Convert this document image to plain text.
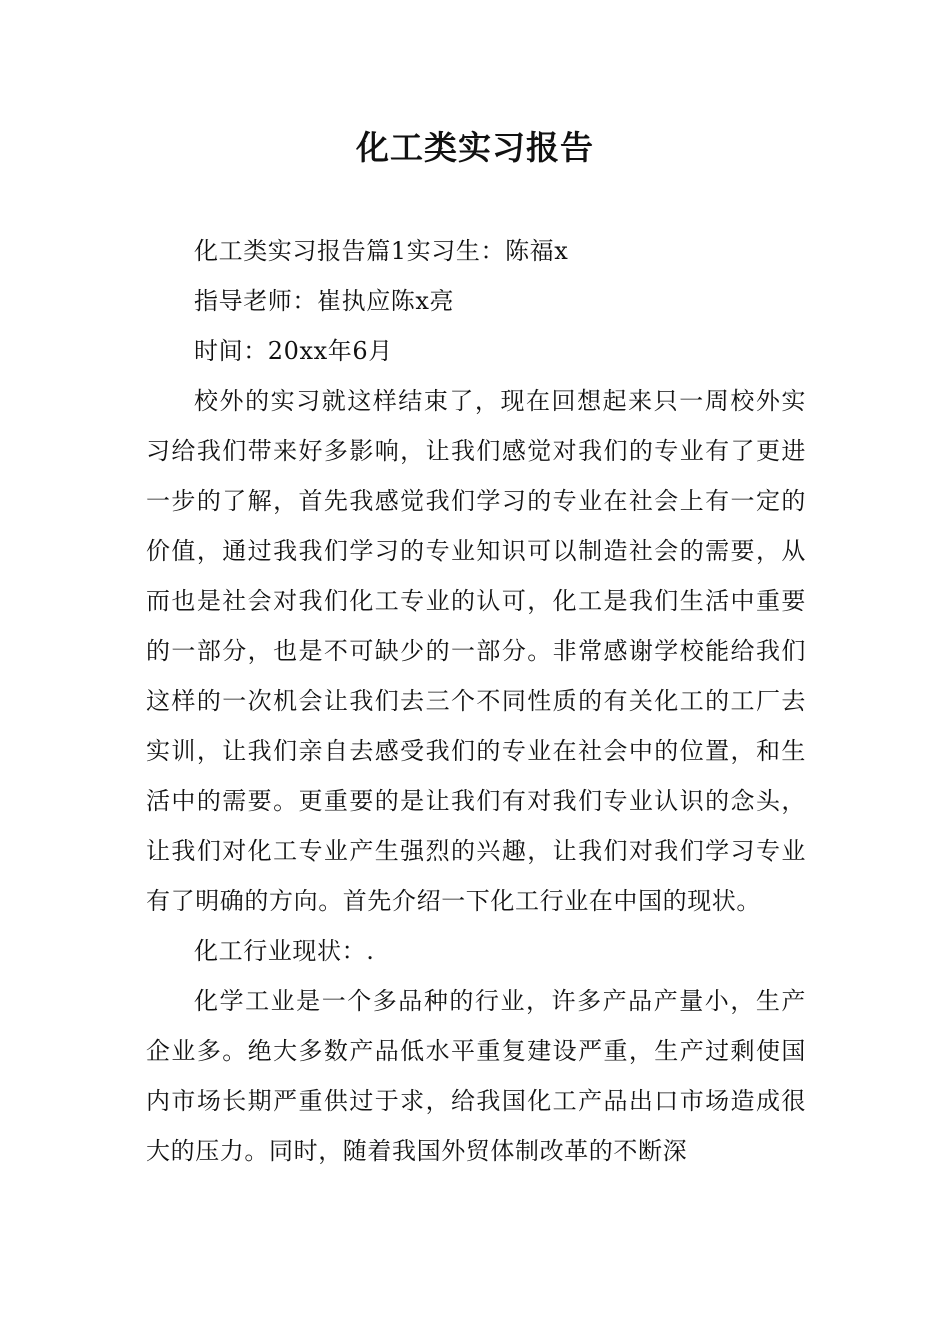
化工类实习报告

化工类实习报告篇1实习生：陈福x

指导老师：崔执应陈x亮

时间：20xx年6月

校外的实习就这样结束了，现在回想起来只一周校外实习给我们带来好多影响，让我们感觉对我们的专业有了更进一步的了解，首先我感觉我们学习的专业在社会上有一定的价值，通过我我们学习的专业知识可以制造社会的需要，从而也是社会对我们化工专业的认可，化工是我们生活中重要的一部分，也是不可缺少的一部分。非常感谢学校能给我们这样的一次机会让我们去三个不同性质的有关化工的工厂去实训，让我们亲自去感受我们的专业在社会中的位置，和生活中的需要。更重要的是让我们有对我们专业认识的念头，让我们对化工专业产生强烈的兴趣，让我们对我们学习专业有了明确的方向。首先介绍一下化工行业在中国的现状。

化工行业现状：.

化学工业是一个多品种的行业，许多产品产量小，生产企业多。绝大多数产品低水平重复建设严重，生产过剩使国内市场长期严重供过于求，给我国化工产品出口市场造成很大的压力。同时，随着我国外贸体制改革的不断深
